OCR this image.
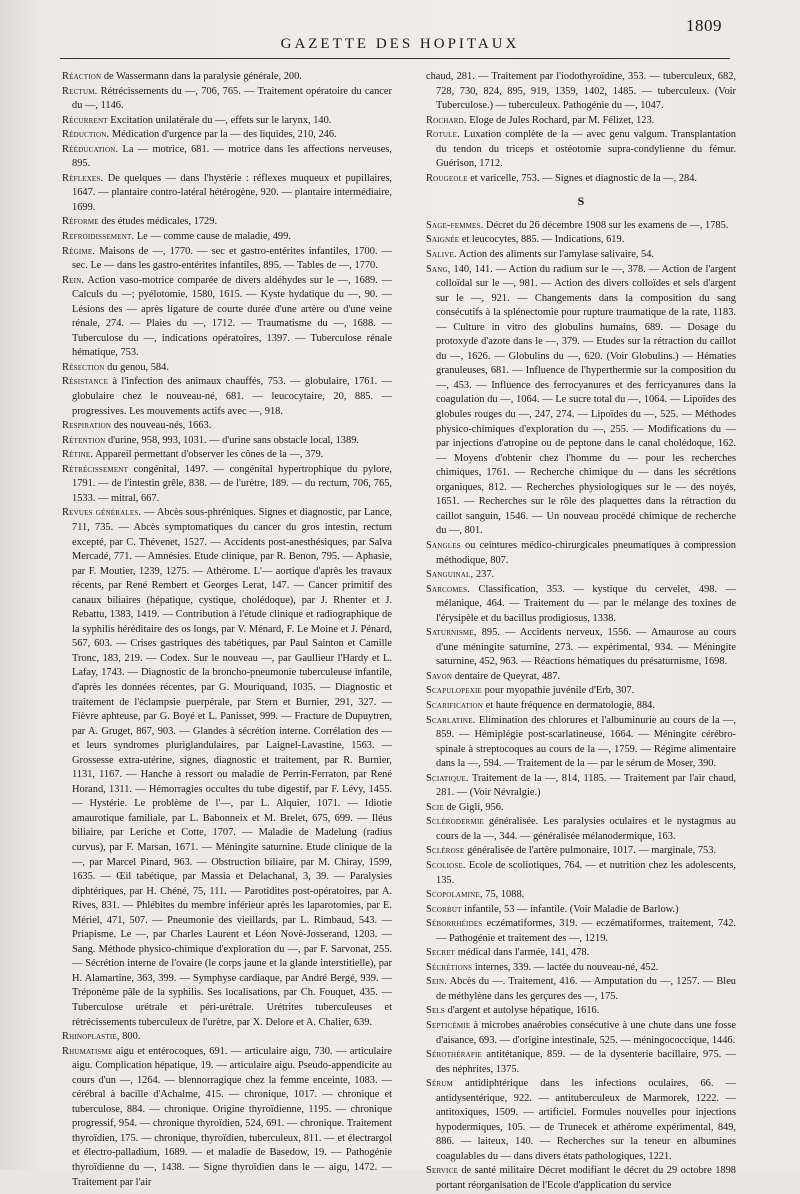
1809
GAZETTE DES HOPITAUX
Réaction de Wassermann dans la paralysie générale, 200.
Rectum. Rétrécissements du —, 706, 765. — Traitement opératoire du cancer du —, 1146.
Récurrent Excitation unilatérale du —, effets sur le larynx, 140.
Réduction. Médication d'urgence par la — des liquides, 210, 246.
Rééducation. La — motrice, 681. — motrice dans les affections nerveuses, 895.
Réflexes. De quelques — dans l'hystérie : réflexes muqueux et pupillaires, 1647. — plantaire contro-latéral hétérogène, 920. — plantaire intermédiaire, 1699.
Réforme des études médicales, 1729.
Refroidissement. Le — comme cause de maladie, 499.
Régime. Maisons de —, 1770. — sec et gastro-entérites infantiles, 1700. — sec. Le — dans les gastro-entérites infantiles, 895. — Tables de —, 1770.
Rein. Action vaso-motrice comparée de divers aldéhydes sur le —, 1689. — Calculs du —; pyélotomie, 1580, 1615. — Kyste hydatique du —, 90. — Lésions des — après ligature de courte durée d'une artère ou d'une veine rénale, 274. — Plaies du —, 1712. — Traumatisme du —, 1688. — Tuberculose du —, indications opératoires, 1397. — Tuberculose rénale hématique, 753.
Résection du genou, 584.
Résistance à l'infection des animaux chauffés, 753. — globulaire, 1761. — globulaire chez le nouveau-né, 681. — leucocytaire, 20, 885. — progressives. Les mouvements actifs avec —, 918.
Respiration des nouveau-nés, 1663.
Rétention d'urine, 958, 993, 1031. — d'urine sans obstacle local, 1389.
Rétine. Appareil permettant d'observer les cônes de la —, 379.
Rétrécissement congénital, 1497. — congénital hypertrophique du pylore, 1791. — de l'intestin grêle, 838. — de l'urètre, 189. — du rectum, 706, 765, 1533. — mitral, 667.
Revues générales. — Abcès sous-phréniques. Signes et diagnostic, par Lance, 711, 735. — Abcès symptomatiques du cancer du gros intestin, rectum excepté, par C. Thévenet, 1527. — Accidents post-anesthésiques, par Salva Mercadé, 771. — Amnésies. Etude clinique, par R. Benon, 795. — Aphasie, par F. Moutier, 1239, 1275. — Athérome. L'— aortique d'après les travaux récents, par René Rembert et Georges Lerat, 147. — Cancer primitif des canaux biliaires (hépatique, cystique, cholédoque), par J. Rhenter et J. Rebattu, 1383, 1419. — Contribution à l'étude clinique et radiographique de la syphilis héréditaire des os longs, par V. Ménard, F. Le Moine et J. Pénard, 567, 603. — Crises gastriques des tabétiques, par Paul Sainton et Camille Tronc, 183, 219. — Codex. Sur le nouveau —, par Gaullieur l'Hardy et L. Lafay, 1743. — Diagnostic de la broncho-pneumonie tuberculeuse infantile, d'après les données récentes, par G. Mouriquand, 1035. — Diagnostic et traitement de l'éclampsie puerpérale, par Stern et Burnier, 291, 327. — Fièvre aphteuse, par G. Boyé et L. Panisset, 999. — Fracture de Dupuytren, par A. Gruget, 867, 903. — Glandes à sécrétion interne. Corrélation des — et leurs syndromes pluriglandulaires, par Laignel-Lavastine, 1563. — Grossesse extra-utérine, signes, diagnostic et traitement, par R. Burnier, 1131, 1167. — Hanche à ressort ou maladie de Perrin-Ferraton, par René Horand, 1311. — Hémorragies occultes du tube digestif, par F. Lévy, 1455. — Hystérie. Le problème de l'—, par L. Alquier, 1071. — Idiotie amaurotique familiale, par L. Babonneix et M. Brelet, 675, 699. — Iléus biliaire, par Leriche et Cotte, 1707. — Maladie de Madelung (radius curvus), par F. Marsan, 1671. — Méningite saturnine. Etude clinique de la —, par Marcel Pinard, 963. — Obstruction biliaire, par M. Chiray, 1599, 1635. — Œil tabétique, par Massia et Delachanal, 3, 39. — Paralysies diphtériques, par H. Chéné, 75, 111. — Parotidites post-opératoires, par A. Rives, 831. — Phlébites du membre inférieur après les laparotomies, par E. Mériel, 471, 507. — Pneumonie des vieillards, par L. Rimbaud, 543. — Priapisme. Le —, par Charles Laurent et Léon Novè-Josserand, 1203. — Sang. Méthode physico-chimique d'exploration du —, par F. Sarvonat, 255. — Sécrétion interne de l'ovaire (le corps jaune et la glande interstitielle), par H. Alamartine, 363, 399. — Symphyse cardiaque, par André Bergé, 939. — Tréponème pâle de la syphilis. Ses localisations, par Ch. Fouquet, 435. — Tuberculose urétrale et péri-urétrale. Urétrites tuberculeuses et rétrécissements tuberculeux de l'urètre, par X. Delore et A. Chalier, 639.
Rhinoplastie, 800.
Rhumatisme aigu et entérocoques, 691. — articulaire aigu, 730. — articulaire aigu. Complication hépatique, 19. — articulaire aigu. Pseudo-appendicite au cours d'un —, 1264. — blennorragique chez la femme enceinte, 1083. — cérébral à bacille d'Achalme, 415. — chronique, 1017. — chronique et tuberculose, 884. — chronique. Origine thyroïdienne, 1195. — chronique progressif, 954. — chronique thyroïdien, 524, 691. — chronique. Traitement thyroïdien, 175. — chronique, thyroïdien, tuberculeux, 811. — et électrargol et électro-palladium, 1689. — et maladie de Basedow, 19. — Pathogénie thyroïdienne du —, 1438. — Signe thyroïdien dans le — aigu, 1472. — Traitement par l'air
chaud, 281. — Traitement par l'iodothyroïdine, 353. — tuberculeux, 682, 728, 730, 824, 895, 919, 1359, 1402, 1485. — tuberculeux. (Voir Tuberculose.) — tuberculeux. Pathogénie du —, 1047.
Rochard. Eloge de Jules Rochard, par M. Félizet, 123.
Rotule. Luxation complète de la — avec genu valgum. Transplantation du tendon du triceps et ostéotomie supra-condylienne du fémur. Guérison, 1712.
Rougeole et varicelle, 753. — Signes et diagnostic de la —, 284.
S
Sage-femmes. Décret du 26 décembre 1908 sur les examens de —, 1785.
Saignée et leucocytes, 885. — Indications, 619.
Salive. Action des aliments sur l'amylase salivaire, 54.
Sang, 140, 141. — Action du radium sur le —, 378. — Action de l'argent colloïdal sur le —, 981. — Action des divers colloïdes et sels d'argent sur le —, 921. — Changements dans la composition du sang consécutifs à la splénectomie pour rupture traumatique de la rate, 1183. — Culture in vitro des globulins humains, 689. — Dosage du protoxyde d'azote dans le —, 379. — Etudes sur la rétraction du caillot du —, 1626. — Globulins du —, 620. (Voir Globulins.) — Hématies granuleuses, 681. — Influence de l'hyperthermie sur la composition du —, 453. — Influence des ferrocyanures et des ferricyanures dans la coagulation du —, 1064. — Le sucre total du —, 1064. — Lipoïdes des globules rouges du —, 247, 274. — Lipoïdes du —, 525. — Méthodes physico-chimiques d'exploration du —, 255. — Modifications du — par injections d'atropine ou de peptone dans le canal cholédoque, 162. — Moyens d'obtenir chez l'homme du — pour les recherches chimiques, 1761. — Recherche chimique du — dans les sécrétions organiques, 812. — Recherches physiologiques sur le — des noyés, 1651. — Recherches sur le rôle des plaquettes dans la rétraction du caillot sanguin, 1546. — Un nouveau procédé chimique de recherche du —, 801.
Sangles ou ceintures médico-chirurgicales pneumatiques à compression méthodique, 807.
Sanguinal, 237.
Sarcomes. Classification, 353. — kystique du cervelet, 498. — mélanique, 464. — Traitement du — par le mélange des toxines de l'érysipèle et du bacillus prodigiosus, 1338.
Saturnisme, 895. — Accidents nerveux, 1556. — Amaurose au cours d'une méningite saturnine, 273. — expérimental, 934. — Méningite saturnine, 452, 963. — Réactions hématiques du présaturnisme, 1698.
Savon dentaire de Queyrat, 487.
Scapulopexie pour myopathie juvénile d'Erb, 307.
Scarification et haute fréquence en dermatologie, 884.
Scarlatine. Elimination des chlorures et l'albuminurie au cours de la —, 859. — Hémiplégie post-scarlatineuse, 1664. — Méningite cérébro-spinale à streptocoques au cours de la —, 1759. — Régime alimentaire dans la —, 594. — Traitement de la — par le sérum de Moser, 390.
Sciatique. Traitement de la —, 814, 1185. — Traitement par l'air chaud, 281. — (Voir Névralgie.)
Scie de Gigli, 956.
Sclérodermie généralisée. Les paralysies oculaires et le nystagmus au cours de la —, 344. — généralisée mélanodermique, 163.
Sclérose généralisée de l'artère pulmonaire, 1017. — marginale, 753.
Scoliose. Ecole de scoliotiques, 764. — et nutrition chez les adolescents, 135.
Scopolamine, 75, 1088.
Scorbut infantile, 53 — infantile. (Voir Maladie de Barlow.)
Séborrhéides eczématiformes, 319. — eczématiformes, traitement, 742. — Pathogénie et traitement des —, 1219.
Secret médical dans l'armée, 141, 478.
Sécrétions internes, 339. — lactée du nouveau-né, 452.
Sein. Abcès du —. Traitement, 416. — Amputation du —, 1257. — Bleu de méthylène dans les gerçures des —, 175.
Sels d'argent et autolyse hépatique, 1616.
Septicémie à microbes anaérobies consécutive à une chute dans une fosse d'aisance, 693. — d'origine intestinale, 525. — méningococcique, 1446.
Sérothérapie antitétanique, 859. — de la dysenterie bacillaire, 975. — des néphrites, 1375.
Sérum antidiphtérique dans les infections oculaires, 66. — antidysentérique, 922. — antituberculeux de Marmorek, 1222. — antitoxiques, 1509. — artificiel. Formules nouvelles pour injections hypodermiques, 105. — de Trunecek et athérome expérimental, 849, 886. — laiteux, 140. — Recherches sur la teneur en albumines coagulables du — dans divers états pathologiques, 1221.
Service de santé militaire Décret modifiant le décret du 29 octobre 1898 portant réorganisation de l'Ecole d'application du service
